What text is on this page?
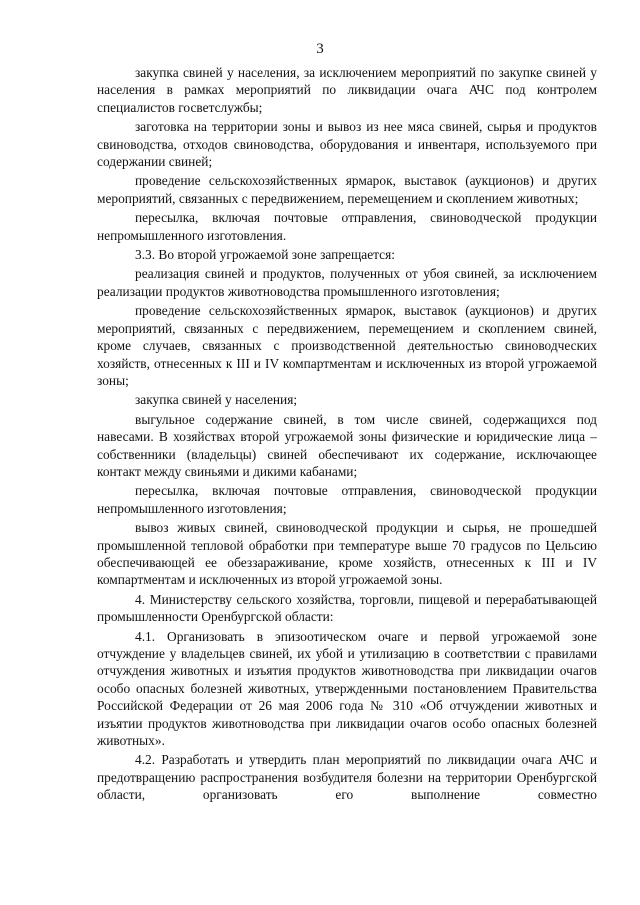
3

закупка свиней у населения, за исключением мероприятий по закупке свиней у населения в рамках мероприятий по ликвидации очага АЧС под контролем специалистов госветслужбы;

заготовка на территории зоны и вывоз из нее мяса свиней, сырья и продуктов свиноводства, отходов свиноводства, оборудования и инвентаря, используемого при содержании свиней;

проведение сельскохозяйственных ярмарок, выставок (аукционов) и других мероприятий, связанных с передвижением, перемещением и скоплением животных;

пересылка, включая почтовые отправления, свиноводческой продукции непромышленного изготовления.

3.3. Во второй угрожаемой зоне запрещается:

реализация свиней и продуктов, полученных от убоя свиней, за исключением реализации продуктов животноводства промышленного изготовления;

проведение сельскохозяйственных ярмарок, выставок (аукционов) и других мероприятий, связанных с передвижением, перемещением и скоплением свиней, кроме случаев, связанных с производственной деятельностью свиноводческих хозяйств, отнесенных к III и IV компартментам и исключенных из второй угрожаемой зоны;

закупка свиней у населения;

выгульное содержание свиней, в том числе свиней, содержащихся под навесами. В хозяйствах второй угрожаемой зоны физические и юридические лица – собственники (владельцы) свиней обеспечивают их содержание, исключающее контакт между свиньями и дикими кабанами;

пересылка, включая почтовые отправления, свиноводческой продукции непромышленного изготовления;

вывоз живых свиней, свиноводческой продукции и сырья, не прошедшей промышленной тепловой обработки при температуре выше 70 градусов по Цельсию обеспечивающей ее обеззараживание, кроме хозяйств, отнесенных к III и IV компартментам и исключенных из второй угрожаемой зоны.

4. Министерству сельского хозяйства, торговли, пищевой и перерабатывающей промышленности Оренбургской области:

4.1. Организовать в эпизоотическом очаге и первой угрожаемой зоне отчуждение у владельцев свиней, их убой и утилизацию в соответствии с правилами отчуждения животных и изъятия продуктов животноводства при ликвидации очагов особо опасных болезней животных, утвержденными постановлением Правительства Российской Федерации от 26 мая 2006 года № 310 «Об отчуждении животных и изъятии продуктов животноводства при ликвидации очагов особо опасных болезней животных».

4.2. Разработать и утвердить план мероприятий по ликвидации очага АЧС и предотвращению распространения возбудителя болезни на территории Оренбургской области, организовать его выполнение совместно
